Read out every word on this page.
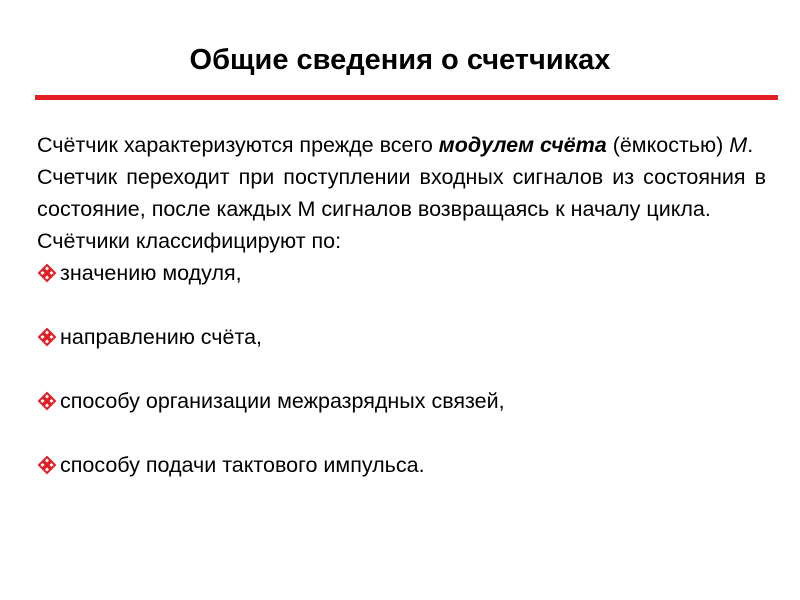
Общие сведения о счетчиках

Счётчик характеризуются прежде всего модулем счёта (ёмкостью) М.

Счетчик переходит при поступлении входных сигналов из состояния в состояние, после каждых М сигналов возвращаясь к началу цикла.

Счётчики классифицируют по:

значению модуля,
направлению счёта,
способу организации межразрядных связей,
способу подачи тактового импульса.
